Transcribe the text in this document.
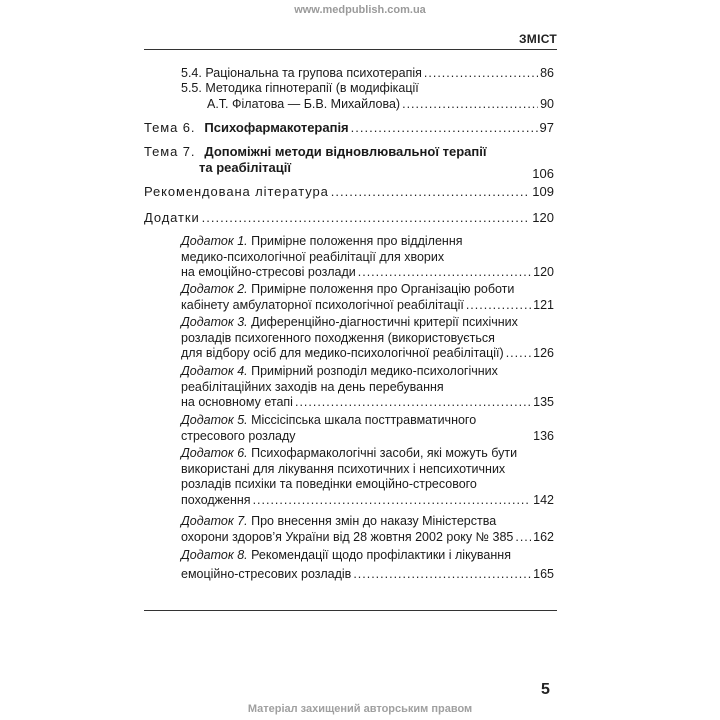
www.medpublish.com.ua
ЗМІСТ
5.4. Раціональна та групова психотерапія .....	86
5.5. Методика гіпнотерапії (в модифікації
А.Т. Філатова — Б.В. Михайлова) .....	90
Тема 6.
Психофармакотерапія .....	97
Тема 7. Допоміжні методи відновлювальної терапії
та реабілітації	106
Рекомендована література .....	109
Додатки .....	120
Додаток 1. Примірне положення про відділення
медико-психологічної реабілітації для хворих
на емоційно-стресові розлади .....	120
Додаток 2. Примірне положення про Організацію роботи
кабінету амбулаторної психологічної реабілітації .....	121
Додаток 3. Диференційно-діагностичні критерії психічних
розладів психогенного походження (використовується
для відбору осіб для медико-психологічної реабілітації) ..... 126
Додаток 4. Примірний розподіл медико-психологічних
реабілітаційних заходів на день перебування
на основному етапі .....	135
Додаток 5. Міссісіпська шкала посттравматичного
стресового розладу	136
Додаток 6. Психофармакологічні засоби, які можуть бути
використані для лікування психотичних і непсихотичних
розладів психіки та поведінки емоційно-стресового
походження .....	142
Додаток 7. Про внесення змін до наказу Міністерства
охорони здоров’я України від 28 жовтня 2002 року № 385 ..... 162
Додаток 8. Рекомендації щодо профілактики і лікування
емоційно-стресових розладів .....	165
5
Матеріал захищений авторським правом
